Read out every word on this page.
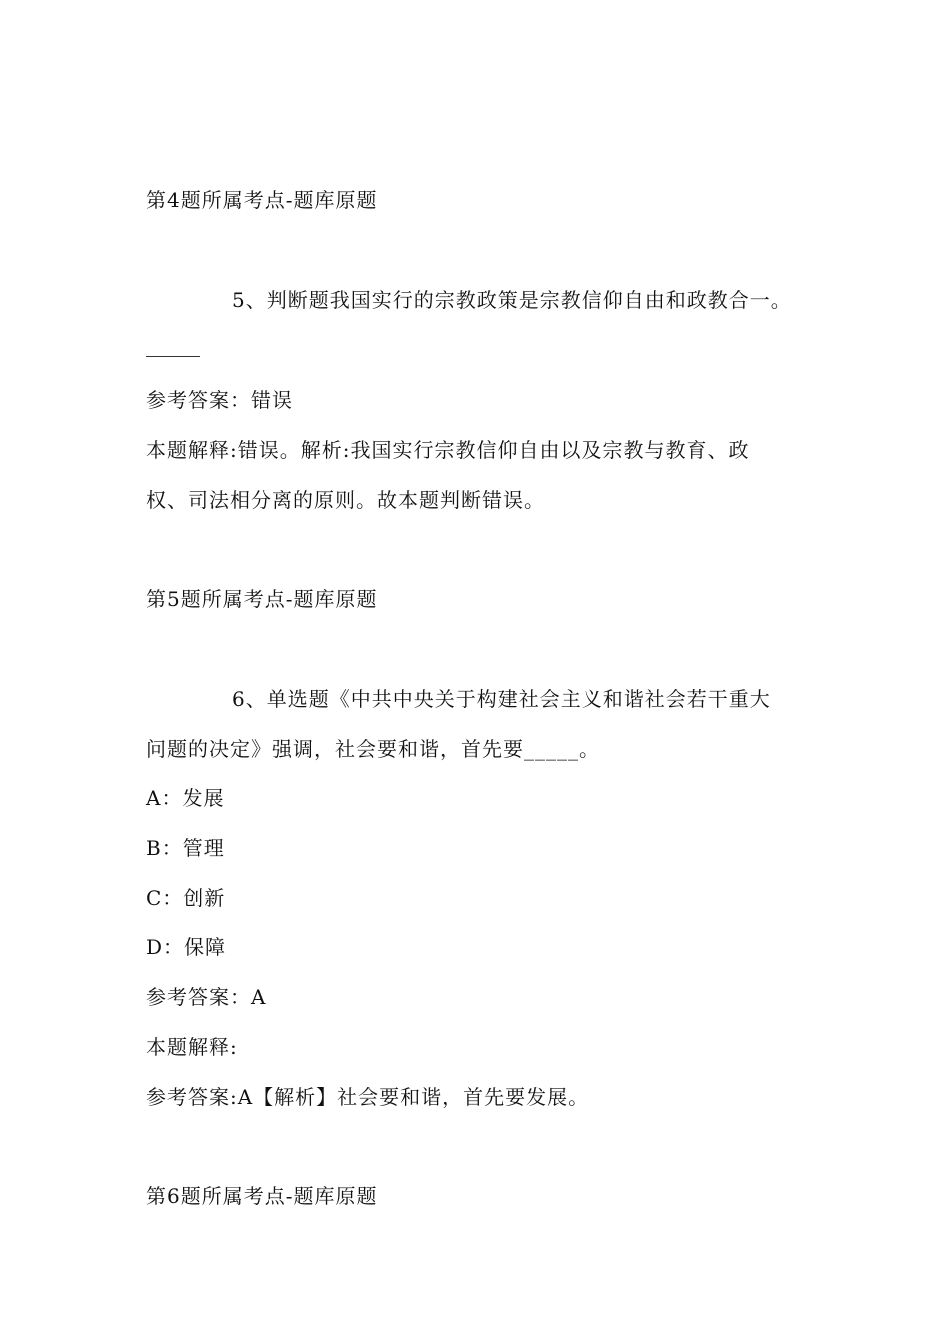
第4题所属考点-题库原题
5、判断题我国实行的宗教政策是宗教信仰自由和政教合一。
参考答案：错误
本题解释:错误。解析:我国实行宗教信仰自由以及宗教与教育、政
权、司法相分离的原则。故本题判断错误。
第5题所属考点-题库原题
6、单选题《中共中央关于构建社会主义和谐社会若干重大
问题的决定》强调，社会要和谐，首先要_____。
A：发展
B：管理
C：创新
D：保障
参考答案：A
本题解释:
参考答案:A【解析】社会要和谐，首先要发展。
第6题所属考点-题库原题
